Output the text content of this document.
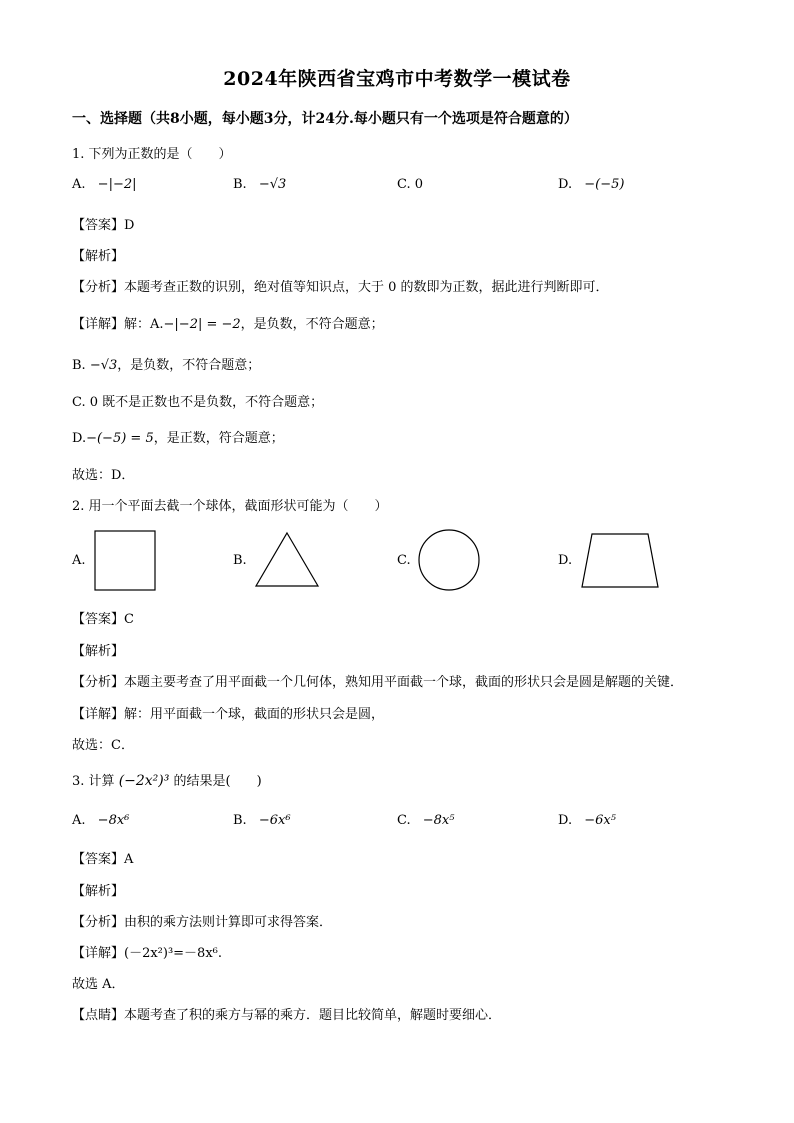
2024年陕西省宝鸡市中考数学一模试卷
一、选择题（共8小题，每小题3分，计24分.每小题只有一个选项是符合题意的）
1. 下列为正数的是（　　）
A. −|−2|	B. −√3	C. 0	D. −(−5)
【答案】D
【解析】
【分析】本题考查正数的识别，绝对值等知识点，大于 0 的数即为正数，据此进行判断即可．
【详解】解：A.−|−2| = −2，是负数，不符合题意；
B. −√3，是负数，不符合题意；
C. 0 既不是正数也不是负数，不符合题意；
D.−(−5) = 5，是正数，符合题意；
故选：D．
2. 用一个平面去截一个球体，截面形状可能为（　　）
A.	B.	C.	D.
【答案】C
【解析】
【分析】本题主要考查了用平面截一个几何体，熟知用平面截一个球，截面的形状只会是圆是解题的关键．
【详解】解：用平面截一个球，截面的形状只会是圆，
故选：C．
3. 计算 (−2x²)³ 的结果是(　　)
A. −8x⁶	B. −6x⁶	C. −8x⁵	D. −6x⁵
【答案】A
【解析】
【分析】由积的乘方法则计算即可求得答案．
【详解】(－2x²)³=－8x⁶.
故选 A．
【点睛】本题考查了积的乘方与幂的乘方．题目比较简单，解题时要细心．
